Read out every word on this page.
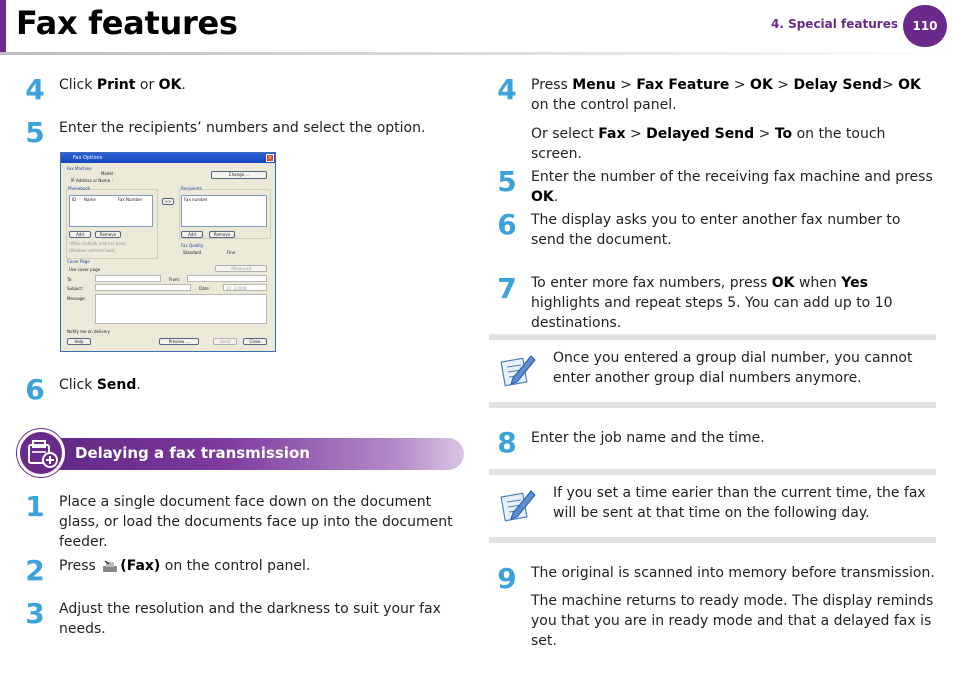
Fax features	4. Special features	110
4	Click Print or OK.
5	Enter the recipients’ numbers and select the option.
Fax Options	×
Fax Machine
Model :
IP Address or Name :
Change ...
Phonebook
ID Name	Fax Number
Add	Remove
Office Outlook address book
Windows address book
>>
Recipients
Fax number
Add	Remove
Fax Quality
Standard	Fine
Cover Page
Use cover page	Advanced
To:	From:
Subject:	Date:	14 -22009
Message:
Notify me on delivery
Help	Preview ...	Send	Close
6	Click Send.
Delaying a fax transmission
1	Place a single document face down on the document glass, or load the documents face up into the document feeder.
2	Press (Fax) on the control panel.
3	Adjust the resolution and the darkness to suit your fax needs.
4	Press Menu > Fax Feature > OK > Delay Send> OK on the control panel.
Or select Fax > Delayed Send > To on the touch screen.
5	Enter the number of the receiving fax machine and press OK.
6	The display asks you to enter another fax number to send the document.
7	To enter more fax numbers, press OK when Yes highlights and repeat steps 5. You can add up to 10 destinations.
Once you entered a group dial number, you cannot enter another group dial numbers anymore.
8	Enter the job name and the time.
If you set a time earier than the current time, the fax will be sent at that time on the following day.
9	The original is scanned into memory before transmission.
The machine returns to ready mode. The display reminds you that you are in ready mode and that a delayed fax is set.
